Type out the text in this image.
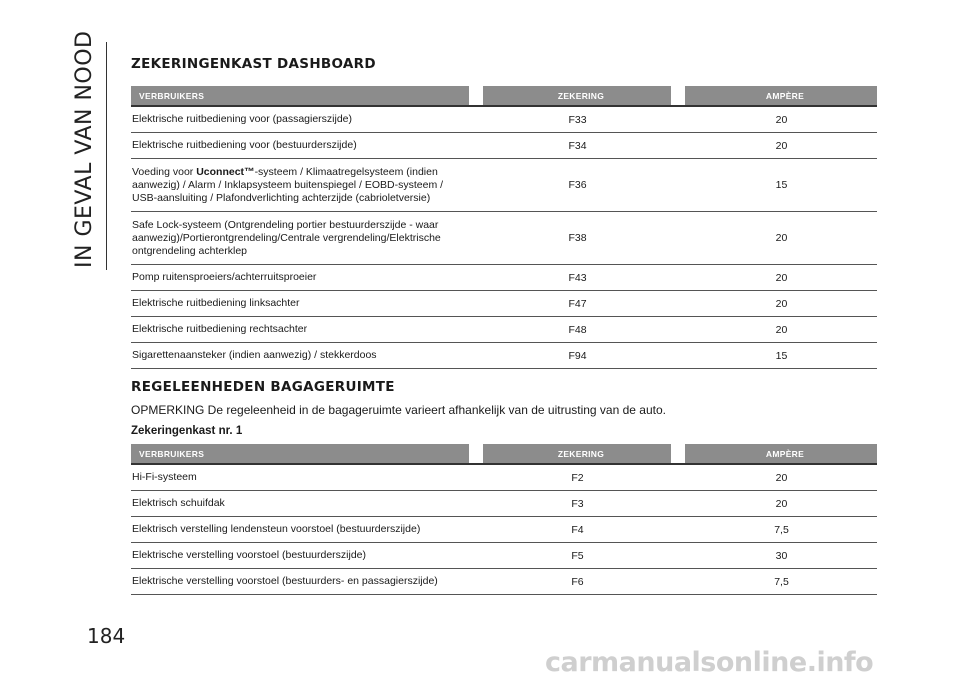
IN GEVAL VAN NOOD	ZEKERINGENKAST DASHBOARD
VERBRUIKERS		ZEKERING		AMPÈRE
Elektrische ruitbediening voor (passagierszijde)		F33		20
Elektrische ruitbediening voor (bestuurderszijde)		F34		20
Voeding voor Uconnect™-systeem / Klimaatregelsysteem (indien aanwezig) / Alarm / Inklapsysteem buitenspiegel / EOBD-systeem / USB-aansluiting / Plafondverlichting achterzijde (cabrioletversie)		F36		15
Safe Lock-systeem (Ontgrendeling portier bestuurderszijde - waar aanwezig)/Portierontgrendeling/Centrale vergrendeling/Elektrische ontgrendeling achterklep		F38		20
Pomp ruitensproeiers/achterruitsproeier		F43		20
Elektrische ruitbediening linksachter		F47		20
Elektrische ruitbediening rechtsachter		F48		20
Sigarettenaansteker (indien aanwezig) / stekkerdoos		F94		15
REGELEENHEDEN BAGAGERUIMTE
OPMERKING De regeleenheid in de bagageruimte varieert afhankelijk van de uitrusting van de auto.
Zekeringenkast nr. 1
VERBRUIKERS		ZEKERING		AMPÈRE
Hi-Fi-systeem		F2		20
Elektrisch schuifdak		F3		20
Elektrisch verstelling lendensteun voorstoel (bestuurderszijde)		F4		7,5
Elektrische verstelling voorstoel (bestuurderszijde)		F5		30
Elektrische verstelling voorstoel (bestuurders- en passagierszijde)		F6		7,5
184
carmanualsonline.info
